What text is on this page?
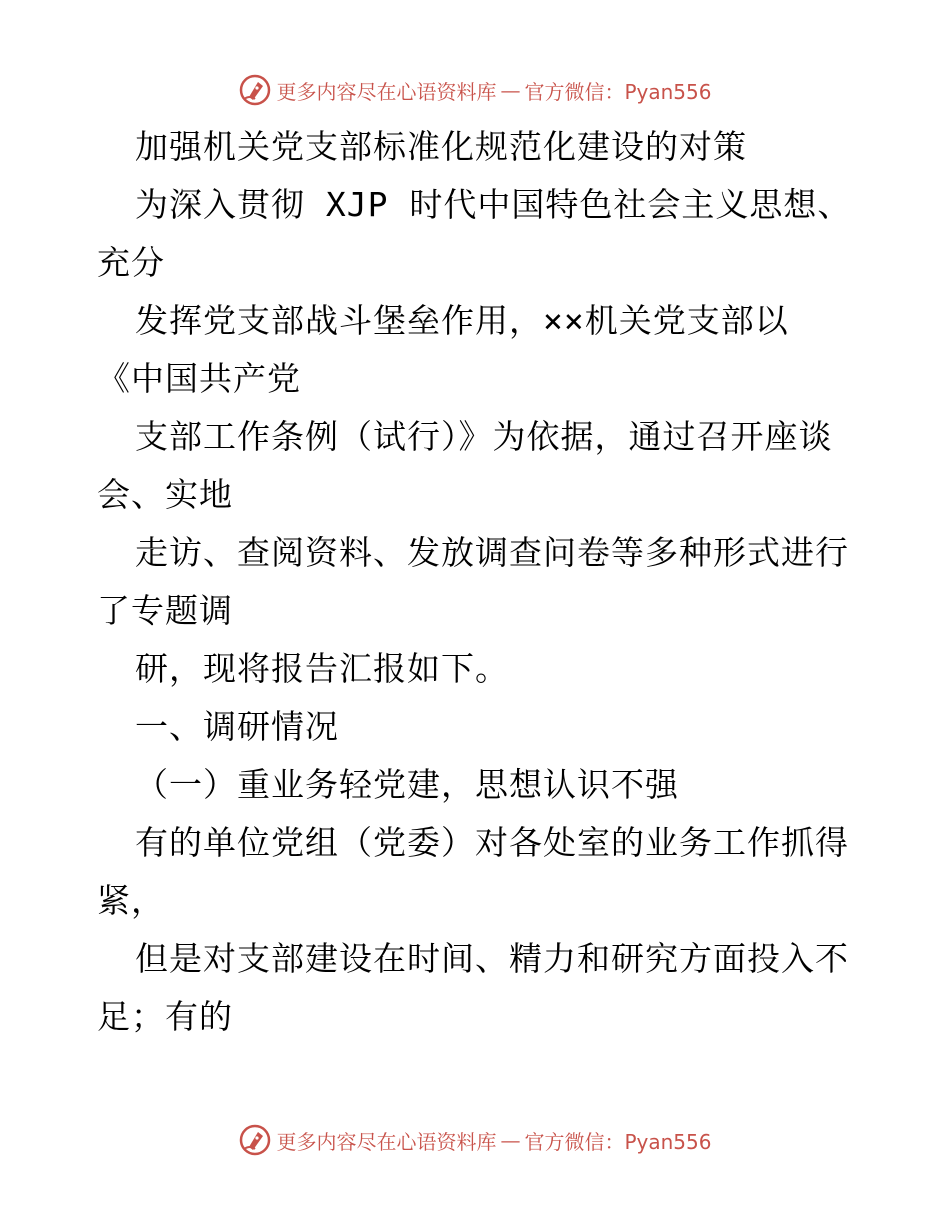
更多内容尽在心语资料库 — 官方微信：Pyan556
加强机关党支部标准化规范化建设的对策
为深入贯彻 XJP 时代中国特色社会主义思想、
充分
发挥党支部战斗堡垒作用，××机关党支部以
《中国共产党
支部工作条例（试行）》为依据，通过召开座谈
会、实地
走访、查阅资料、发放调查问卷等多种形式进行
了专题调
研，现将报告汇报如下。
一、调研情况
（一）重业务轻党建，思想认识不强
有的单位党组（党委）对各处室的业务工作抓得
紧，
但是对支部建设在时间、精力和研究方面投入不
足；有的
更多内容尽在心语资料库 — 官方微信：Pyan556
